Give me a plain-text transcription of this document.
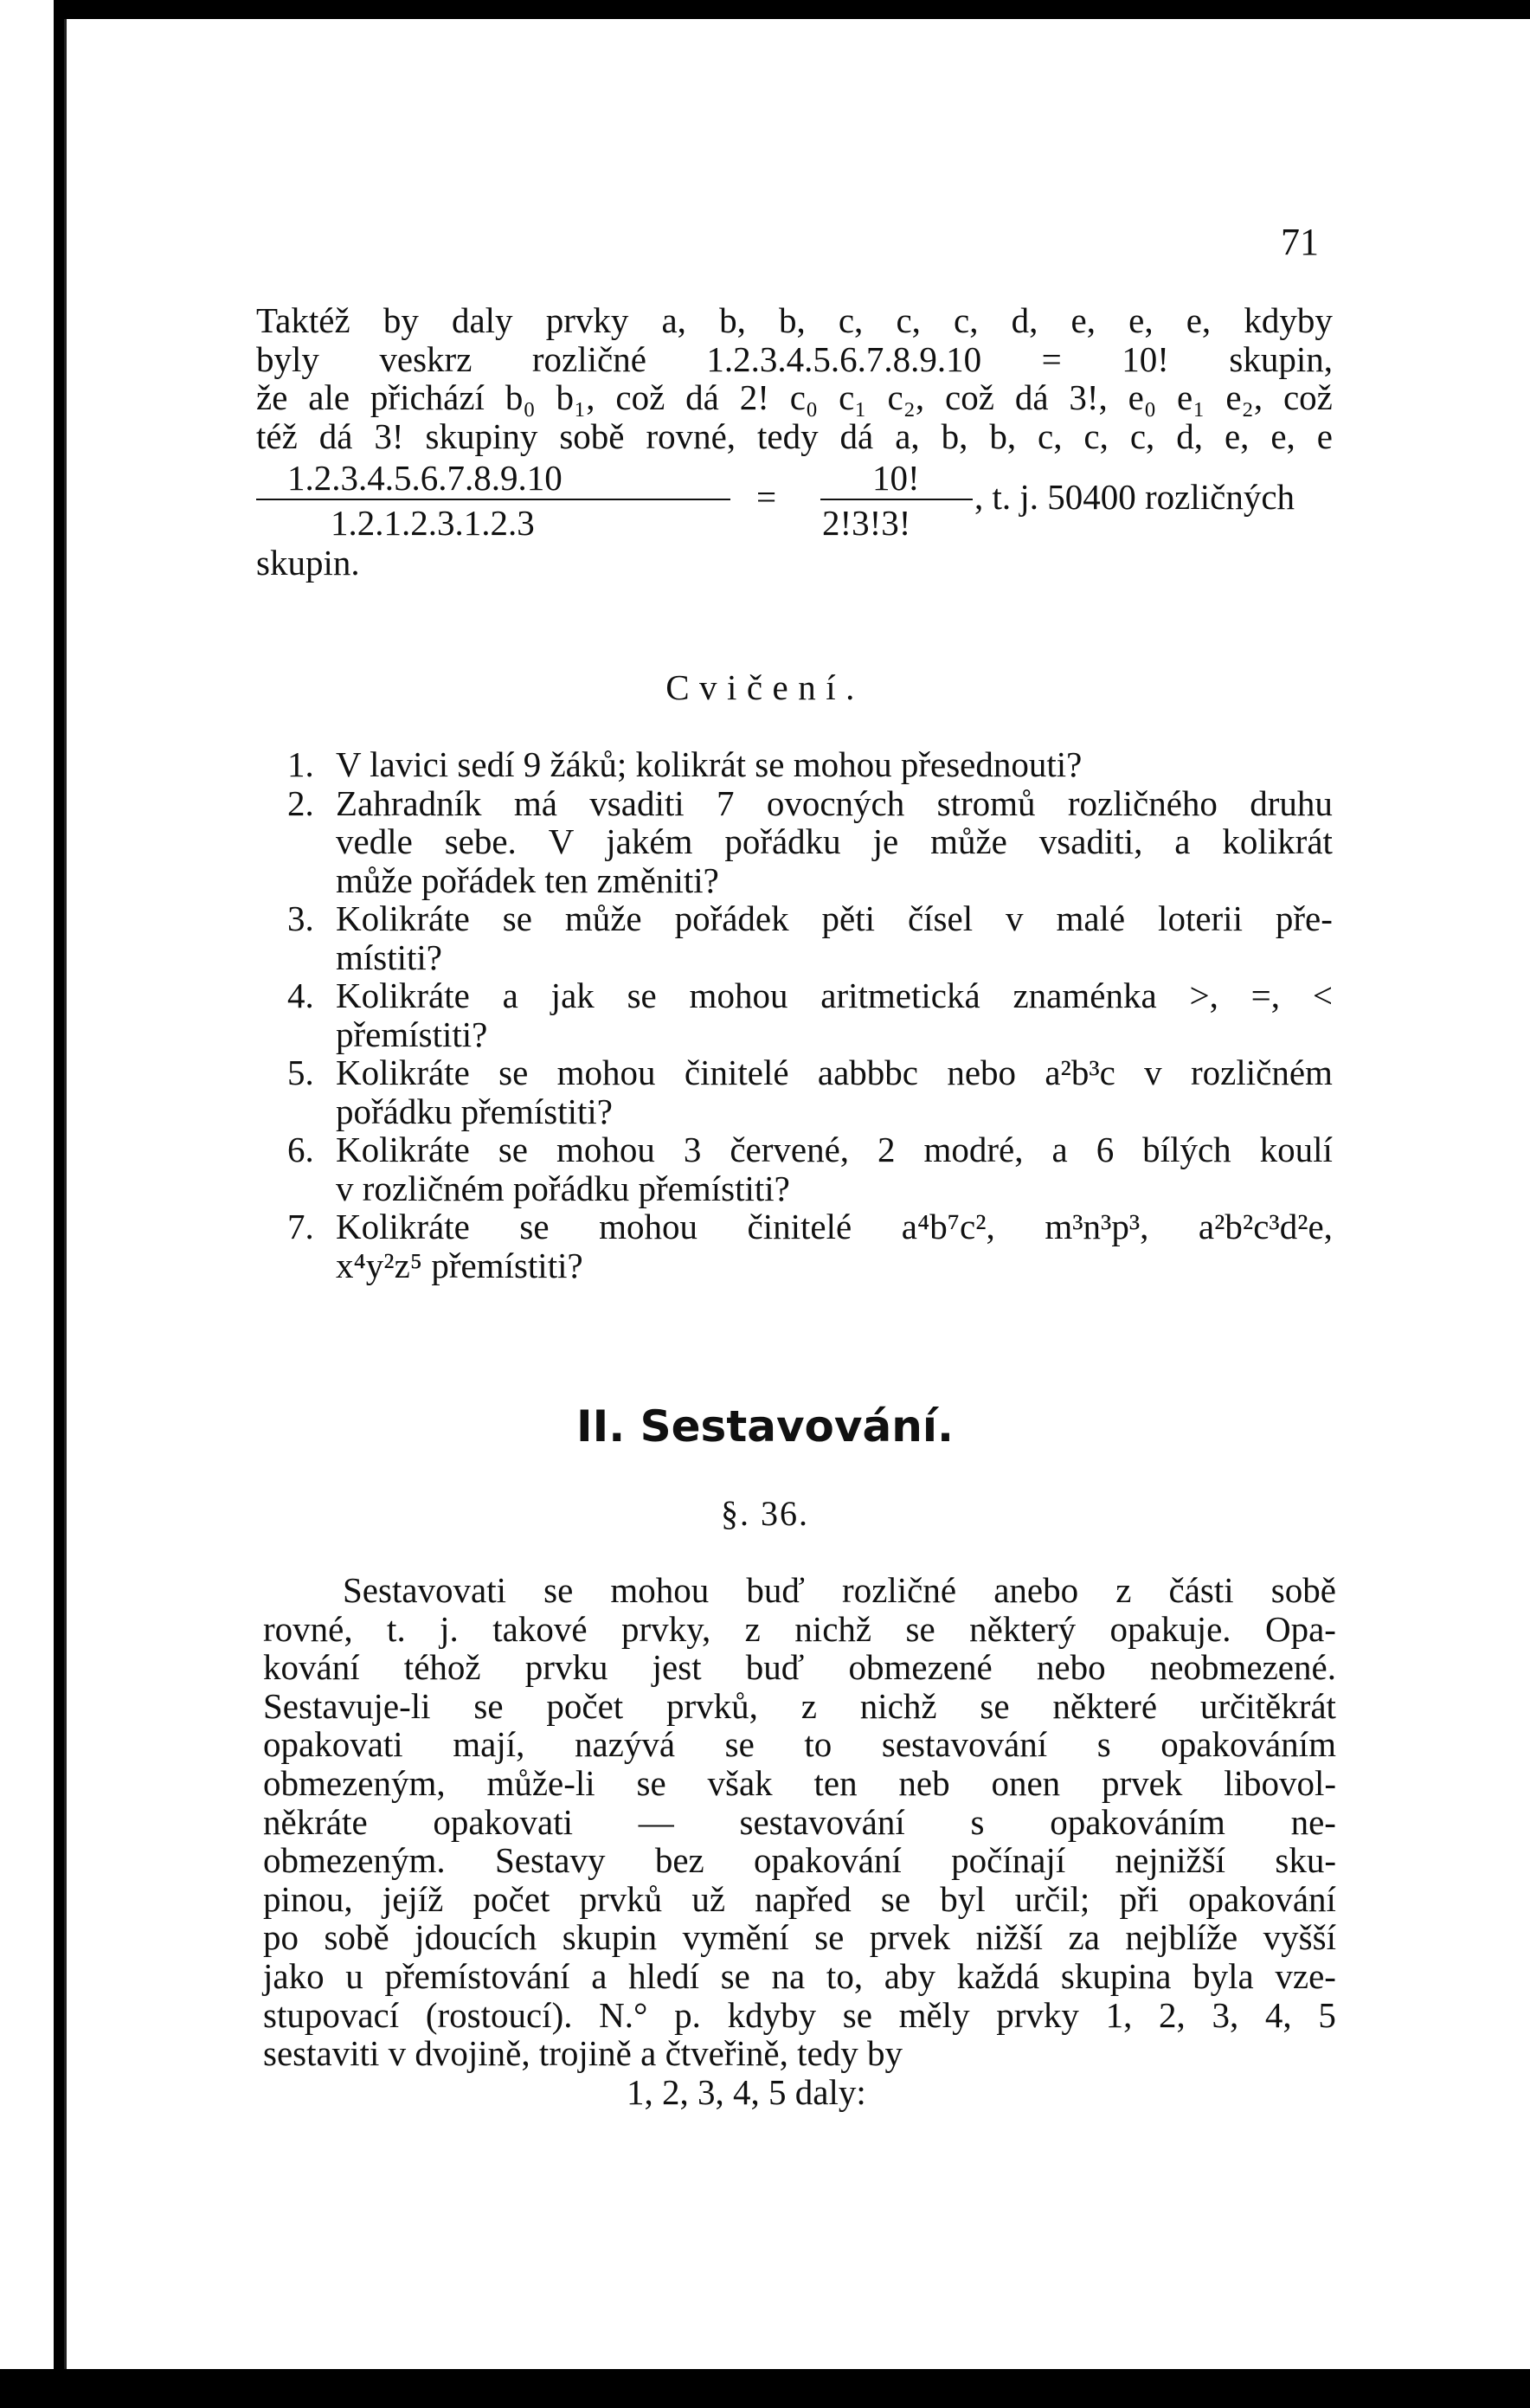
71
Taktéž by daly prvky a, b, b, c, c, c, d, e, e, e, kdyby
byly veskrz rozličné 1.2.3.4.5.6.7.8.9.10 = 10! skupin,
že ale přichází b₀ b₁, což dá 2! c₀ c₁ c₂, což dá 3!, e₀ e₁ e₂, což
též dá 3! skupiny sobě rovné, tedy dá a, b, b, c, c, c, d, e, e, e
1.2.3.4.5.6.7.8.9.10
1.2.1.2.3.1.2.3
=	10!
2!3!3!
, t. j. 50400 rozličných
skupin.
Cvičení.
1. V lavici sedí 9 žáků; kolikrát se mohou přesednouti?
2. Zahradník má vsaditi 7 ovocných stromů rozličného druhu
vedle sebe. V jakém pořádku je může vsaditi, a kolikrát
může pořádek ten změniti?
3. Kolikráte se může pořádek pěti čísel v malé loterii pře-
místiti?
4. Kolikráte a jak se mohou aritmetická znaménka >, =, <
přemístiti?
5. Kolikráte se mohou činitelé aabbbc nebo a²b³c v rozličném
pořádku přemístiti?
6. Kolikráte se mohou 3 červené, 2 modré, a 6 bílých koulí
v rozličném pořádku přemístiti?
7. Kolikráte se mohou činitelé a⁴b⁷c², m³n³p³, a²b²c³d²e,
x⁴y²z⁵ přemístiti?
II. Sestavování.
§. 36.
Sestavovati se mohou buď rozličné anebo z části sobě
rovné, t. j. takové prvky, z nichž se některý opakuje. Opa-
kování téhož prvku jest buď obmezené nebo neobmezené.
Sestavuje-li se počet prvků, z nichž se některé určitěkrát
opakovati mají, nazývá se to sestavování s opakováním
obmezeným, může-li se však ten neb onen prvek libovol-
někráte opakovati — sestavování s opakováním ne-
obmezeným. Sestavy bez opakování počínají nejnižší sku-
pinou, jejíž počet prvků už napřed se byl určil; při opakování
po sobě jdoucích skupin vymění se prvek nižší za nejblíže vyšší
jako u přemístování a hledí se na to, aby každá skupina byla vze-
stupovací (rostoucí). N.° p. kdyby se měly prvky 1, 2, 3, 4, 5
sestaviti v dvojině, trojině a čtveřině, tedy by
1, 2, 3, 4, 5 daly:
